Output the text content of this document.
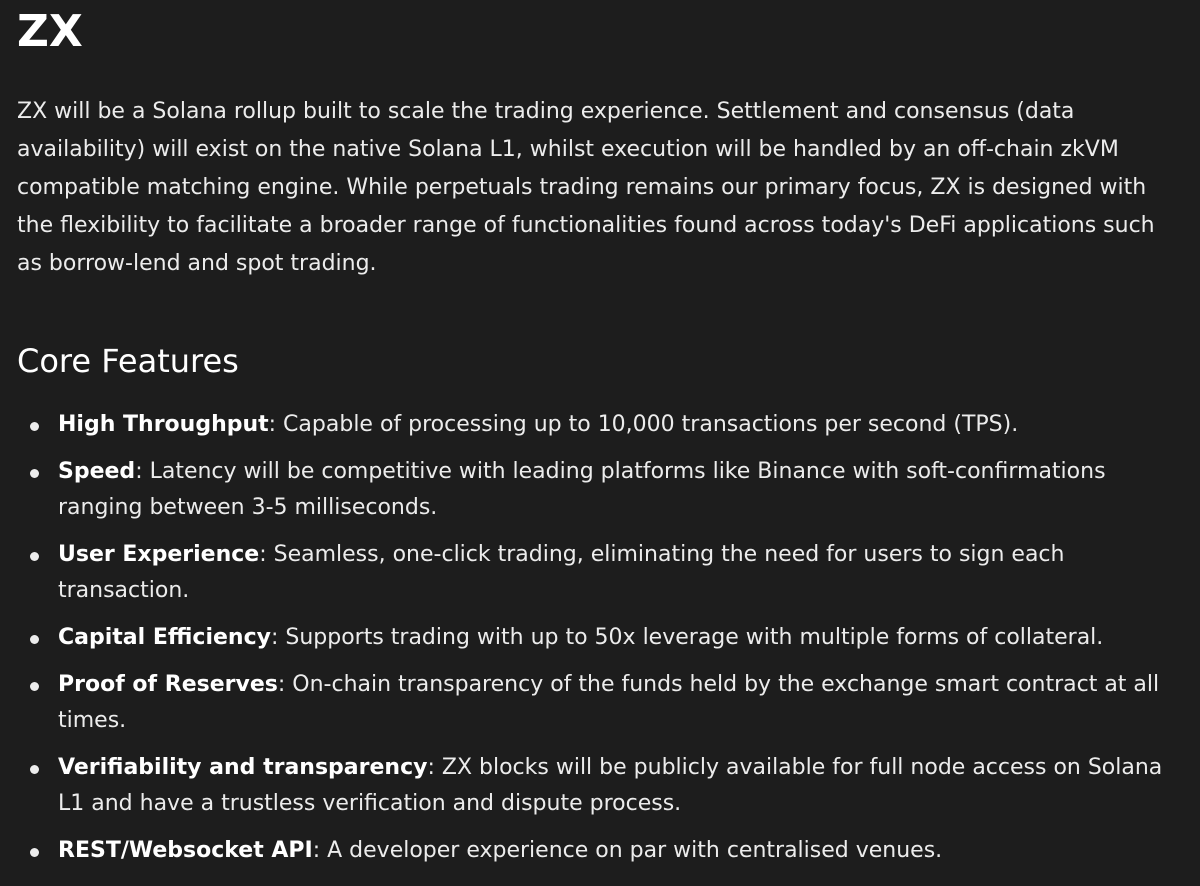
ZX

ZX will be a Solana rollup built to scale the trading experience. Settlement and consensus (data availability) will exist on the native Solana L1, whilst execution will be handled by an off-chain zkVM compatible matching engine. While perpetuals trading remains our primary focus, ZX is designed with the flexibility to facilitate a broader range of functionalities found across today's DeFi applications such as borrow-lend and spot trading.

Core Features
High Throughput: Capable of processing up to 10,000 transactions per second (TPS).
Speed: Latency will be competitive with leading platforms like Binance with soft-confirmations ranging between 3-5 milliseconds.
User Experience: Seamless, one-click trading, eliminating the need for users to sign each transaction.
Capital Efficiency: Supports trading with up to 50x leverage with multiple forms of collateral.
Proof of Reserves: On-chain transparency of the funds held by the exchange smart contract at all times.
Verifiability and transparency: ZX blocks will be publicly available for full node access on Solana L1 and have a trustless verification and dispute process.
REST/Websocket API: A developer experience on par with centralised venues.
